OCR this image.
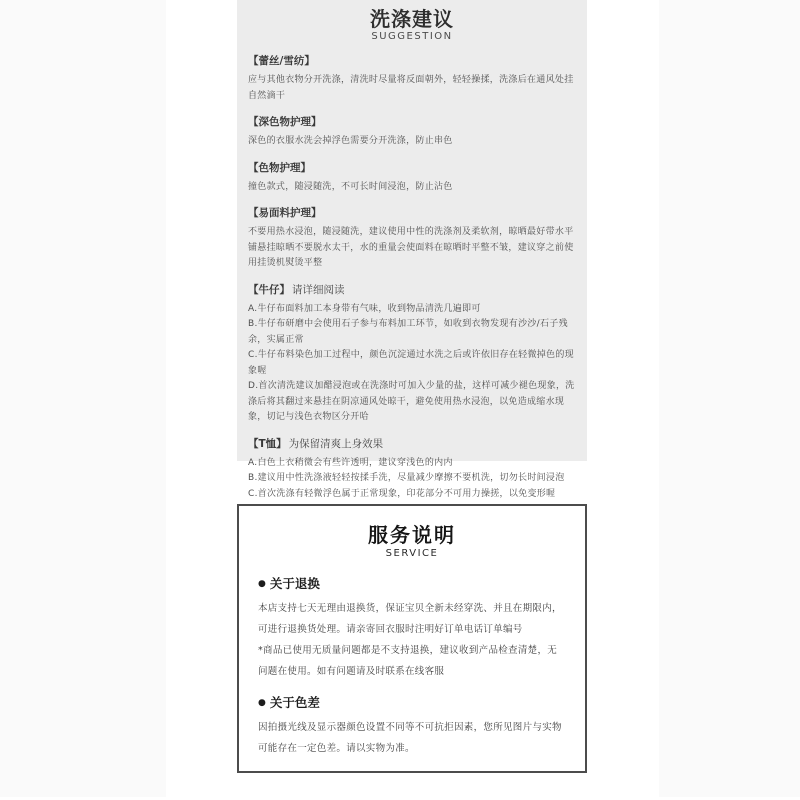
洗涤建议
SUGGESTION
【蕾丝/雪纺】
应与其他衣物分开洗涤，清洗时尽量将反面朝外，轻轻操揉，洗涤后在通风处挂自然滴干
【深色物护理】
深色的衣服水洗会掉浮色需要分开洗涤，防止串色
【色物护理】
撞色款式，随浸随洗，不可长时间浸泡，防止沾色
【易面料护理】
不要用热水浸泡，随浸随洗，建议使用中性的洗涤剂及柔软剂，晾晒最好带水平铺悬挂晾晒不要脱水太干，水的重量会使面料在晾晒时平整不皱，建议穿之前使用挂烫机熨烫平整
【牛仔】 请详细阅读
A.牛仔布面料加工本身带有气味，收到物品清洗几遍即可
B.牛仔布研磨中会使用石子参与布料加工环节，如收到衣物发现有沙沙/石子残余，实属正常
C.牛仔布料染色加工过程中，颜色沉淀通过水洗之后或许依旧存在轻微掉色的现象喔
D.首次清洗建议加醋浸泡或在洗涤时可加入少量的盐，这样可减少褪色现象，洗涤后将其翻过来悬挂在阴凉通风处晾干，避免使用热水浸泡，以免造成缩水现象，切记与浅色衣物区分开哈
【T恤】 为保留清爽上身效果
A.白色上衣稍微会有些许透明，建议穿浅色的内内
B.建议用中性洗涤液轻轻按揉手洗，尽量减少摩擦不要机洗，切勿长时间浸泡
C.首次洗涤有轻微浮色属于正常现象，印花部分不可用力操搓，以免变形喔
服务说明
SERVICE
● 关于退换
本店支持七天无理由退换货，保证宝贝全新未经穿洗、并且在期限内，可进行退换货处理。请亲寄回衣服时注明好订单电话订单编号
*商品已使用无质量问题都是不支持退换，建议收到产品检查清楚，无问题在使用。如有问题请及时联系在线客服
● 关于色差
因拍摄光线及显示器颜色设置不同等不可抗拒因素，您所见图片与实物可能存在一定色差。请以实物为准。
